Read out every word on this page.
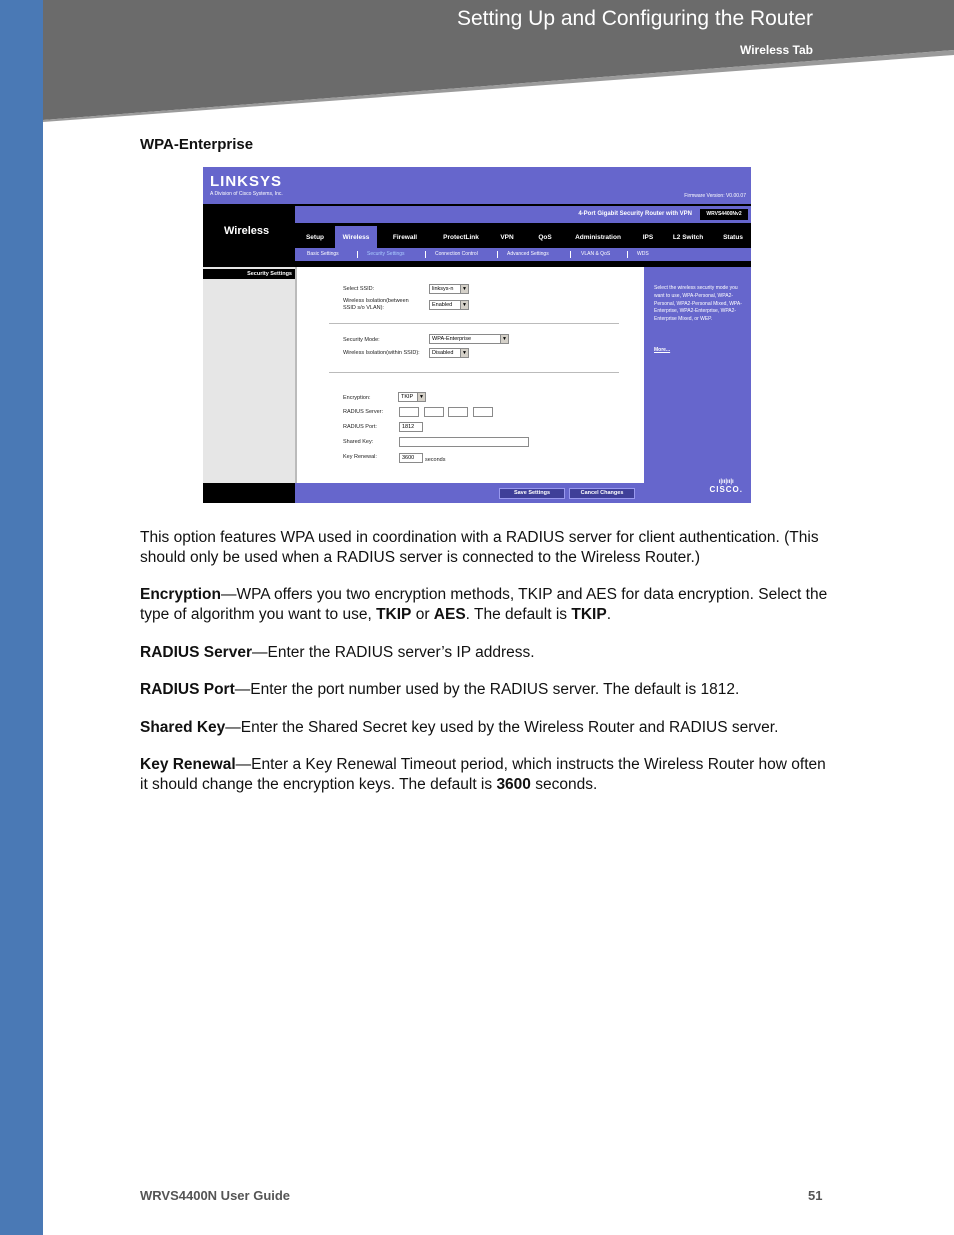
Setting Up and Configuring the Router
Wireless Tab
WPA-Enterprise
LINKSYS
A Division of Cisco Systems, Inc.	Firmware Version: V0.00.07
Wireless
4-Port Gigabit Security Router with VPN	WRVS4400Nv2
Setup	Wireless	Firewall	ProtectLink	VPN	QoS	Administration	IPS	L2 Switch	Status
Basic Settings	Security Settings	Connection Control	Advanced Settings	VLAN & QoS	WDS
Security Settings
Select SSID:	linksys-n	▼
Wireless Isolation(between SSID s/o VLAN):	Enabled	▼
Security Mode:	WPA-Enterprise	▼
Wireless Isolation(within SSID):	Disabled	▼
Encryption:	TKIP	▼
RADIUS Server:
RADIUS Port:	1812
Shared Key:
Key Renewal:	3600	seconds
Select the wireless security mode you want to use, WPA-Personal, WPA2-Personal, WPA2-Personal Mixed, WPA-Enterprise, WPA2-Enterprise, WPA2-Enterprise Mixed, or WEP.
More...
ı|ıı|ıı|ı
CISCO.
Save Settings	Cancel Changes
This option features WPA used in coordination with a RADIUS server for client authentication. (This should only be used when a RADIUS server is connected to the Wireless Router.)
Encryption—WPA offers you two encryption methods, TKIP and AES for data encryption. Select the type of algorithm you want to use, TKIP or AES. The default is TKIP.
RADIUS Server—Enter the RADIUS server’s IP address.
RADIUS Port—Enter the port number used by the RADIUS server. The default is 1812.
Shared Key—Enter the Shared Secret key used by the Wireless Router and RADIUS server.
Key Renewal—Enter a Key Renewal Timeout period, which instructs the Wireless Router how often it should change the encryption keys. The default is 3600 seconds.
WRVS4400N User Guide	51
